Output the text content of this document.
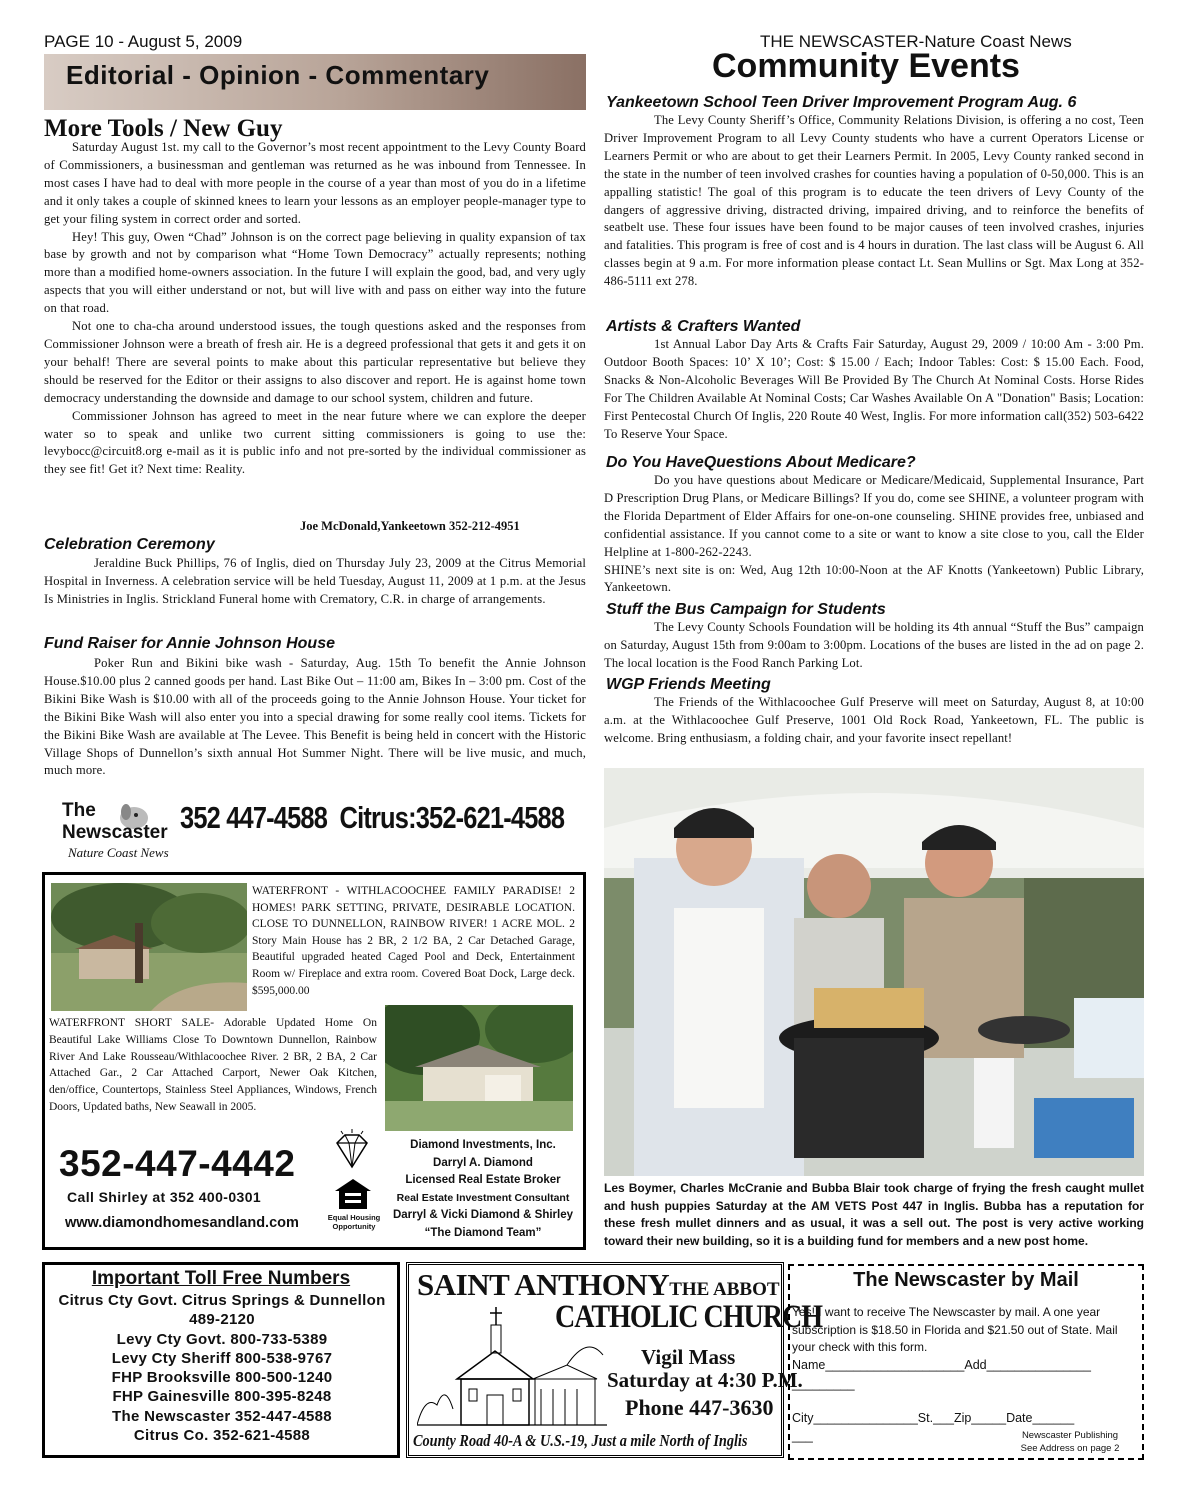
PAGE 10 - August 5, 2009	THE NEWSCASTER-Nature Coast News
Editorial - Opinion - Commentary
More Tools / New Guy

Saturday August 1st. my call to the Governor’s most recent appointment to the Levy County Board of Commissioners, a businessman and gentleman was returned as he was inbound from Tennessee. In most cases I have had to deal with more people in the course of a year than most of you do in a lifetime and it only takes a couple of skinned knees to learn your lessons as an employer people-manager type to get your filing system in correct order and sorted.

Hey! This guy, Owen “Chad” Johnson is on the correct page believing in quality expansion of tax base by growth and not by comparison what “Home Town Democracy” actually represents; nothing more than a modified home-owners association. In the future I will explain the good, bad, and very ugly aspects that you will either understand or not, but will live with and pass on either way into the future on that road.

Not one to cha-cha around understood issues, the tough questions asked and the responses from Commissioner Johnson were a breath of fresh air. He is a degreed professional that gets it and gets it on your behalf! There are several points to make about this particular representative but believe they should be reserved for the Editor or their assigns to also discover and report. He is against home town democracy understanding the downside and damage to our school system, children and future.

Commissioner Johnson has agreed to meet in the near future where we can explore the deeper water so to speak and unlike two current sitting commissioners is going to use the: levybocc@circuit8.org e-mail as it is public info and not pre-sorted by the individual commissioner as they see fit! Get it? Next time: Reality.

Joe McDonald,Yankeetown 352-212-4951
Celebration Ceremony

Jeraldine Buck Phillips, 76 of Inglis, died on Thursday July 23, 2009 at the Citrus Memorial Hospital in Inverness. A celebration service will be held Tuesday, August 11, 2009 at 1 p.m. at the Jesus Is Ministries in Inglis. Strickland Funeral home with Crematory, C.R. in charge of arrangements.

Fund Raiser for Annie Johnson House

Poker Run and Bikini bike wash - Saturday, Aug. 15th To benefit the Annie Johnson House.$10.00 plus 2 canned goods per hand. Last Bike Out – 11:00 am, Bikes In – 3:00 pm. Cost of the Bikini Bike Wash is $10.00 with all of the proceeds going to the Annie Johnson House. Your ticket for the Bikini Bike Wash will also enter you into a special drawing for some really cool items. Tickets for the Bikini Bike Wash are available at The Levee. This Benefit is being held in concert with the Historic Village Shops of Dunnellon’s sixth annual Hot Summer Night. There will be live music, and much, much more.

The
Newscaster
Nature Coast News
352 447-4588  Citrus:352-621-4588
WATERFRONT - WITHLACOOCHEE FAMILY PARADISE! 2 HOMES! PARK SETTING, PRIVATE, DESIRABLE LOCATION. CLOSE TO DUNNELLON, RAINBOW RIVER! 1 ACRE MOL. 2 Story Main House has 2 BR, 2 1/2 BA, 2 Car Detached Garage, Beautiful upgraded heated Caged Pool and Deck, Entertainment Room w/ Fireplace and extra room. Covered Boat Dock, Large deck. $595,000.00
WATERFRONT SHORT SALE- Adorable Updated Home On Beautiful Lake Williams Close To Downtown Dunnellon, Rainbow River And Lake Rousseau/Withlacoochee River. 2 BR, 2 BA, 2 Car Attached Gar., 2 Car Attached Carport, Newer Oak Kitchen, den/office, Countertops, Stainless Steel Appliances, Windows, French Doors, Updated baths, New Seawall in 2005.
352-447-4442
Call Shirley at 352 400-0301
www.diamondhomesandland.com	Equal Housing Opportunity
Diamond Investments, Inc.
Darryl A. Diamond
Licensed Real Estate Broker
Real Estate Investment Consultant
Darryl & Vicki Diamond & Shirley
“The Diamond Team”
Important Toll Free Numbers
Citrus Cty Govt. Citrus Springs & Dunnellon 489-2120
Levy Cty Govt. 800-733-5389
Levy Cty Sheriff 800-538-9767
FHP Brooksville 800-500-1240
FHP Gainesville 800-395-8248
The Newscaster 352-447-4588
Citrus Co. 352-621-4588
SAINT ANTHONYTHE ABBOT
CATHOLIC CHURCH
Vigil Mass
Saturday at 4:30 P.M.
Phone 447-3630
County Road 40-A & U.S.-19, Just a mile North of Inglis
Community Events
Yankeetown School Teen Driver Improvement Program Aug. 6

The Levy County Sheriff’s Office, Community Relations Division, is offering a no cost, Teen Driver Improvement Program to all Levy County students who have a current Operators License or Learners Permit or who are about to get their Learners Permit. In 2005, Levy County ranked second in the state in the number of teen involved crashes for counties having a population of 0-50,000. This is an appalling statistic! The goal of this program is to educate the teen drivers of Levy County of the dangers of aggressive driving, distracted driving, impaired driving, and to reinforce the benefits of seatbelt use. These four issues have been found to be major causes of teen involved crashes, injuries and fatalities. This program is free of cost and is 4 hours in duration. The last class will be August 6. All classes begin at 9 a.m. For more information please contact Lt. Sean Mullins or Sgt. Max Long at 352-486-5111 ext 278.

Artists & Crafters Wanted

1st Annual Labor Day Arts & Crafts Fair Saturday, August 29, 2009 / 10:00 Am - 3:00 Pm. Outdoor Booth Spaces: 10’ X 10’; Cost: $ 15.00 / Each; Indoor Tables: Cost: $ 15.00 Each. Food, Snacks & Non-Alcoholic Beverages Will Be Provided By The Church At Nominal Costs. Horse Rides For The Children Available At Nominal Costs; Car Washes Available On A "Donation" Basis; Location: First Pentecostal Church Of Inglis, 220 Route 40 West, Inglis. For more information call(352) 503-6422 To Reserve Your Space.

Do You HaveQuestions About Medicare?

Do you have questions about Medicare or Medicare/Medicaid, Supplemental Insurance, Part D Prescription Drug Plans, or Medicare Billings? If you do, come see SHINE, a volunteer program with the Florida Department of Elder Affairs for one-on-one counseling. SHINE provides free, unbiased and confidential assistance. If you cannot come to a site or want to know a site close to you, call the Elder Helpline at 1-800-262-2243.

SHINE’s next site is on: Wed, Aug 12th 10:00-Noon at the AF Knotts (Yankeetown) Public Library, Yankeetown.

Stuff the Bus Campaign for Students

The Levy County Schools Foundation will be holding its 4th annual “Stuff the Bus” campaign on Saturday, August 15th from 9:00am to 3:00pm. Locations of the buses are listed in the ad on page 2. The local location is the Food Ranch Parking Lot.

WGP Friends Meeting

The Friends of the Withlacoochee Gulf Preserve will meet on Saturday, August 8, at 10:00 a.m. at the Withlacoochee Gulf Preserve, 1001 Old Rock Road, Yankeetown, FL. The public is welcome. Bring enthusiasm, a folding chair, and your favorite insect repellant!

Les Boymer, Charles McCranie and Bubba Blair took charge of frying the fresh caught mullet and hush puppies Saturday at the AM VETS Post 447 in Inglis. Bubba has a reputation for these fresh mullet dinners and as usual, it was a sell out. The post is very active working toward their new building, so it is a building fund for members and a new post home.
The Newscaster by Mail
Yes! I want to receive The Newscaster by mail. A one year subscription is $18.50 in Florida and $21.50 out of State. Mail your check with this form.
Name____________________Add_______________
_________
City_______________St.___Zip_____Date______
___	Newscaster Publishing
See Address on page 2
